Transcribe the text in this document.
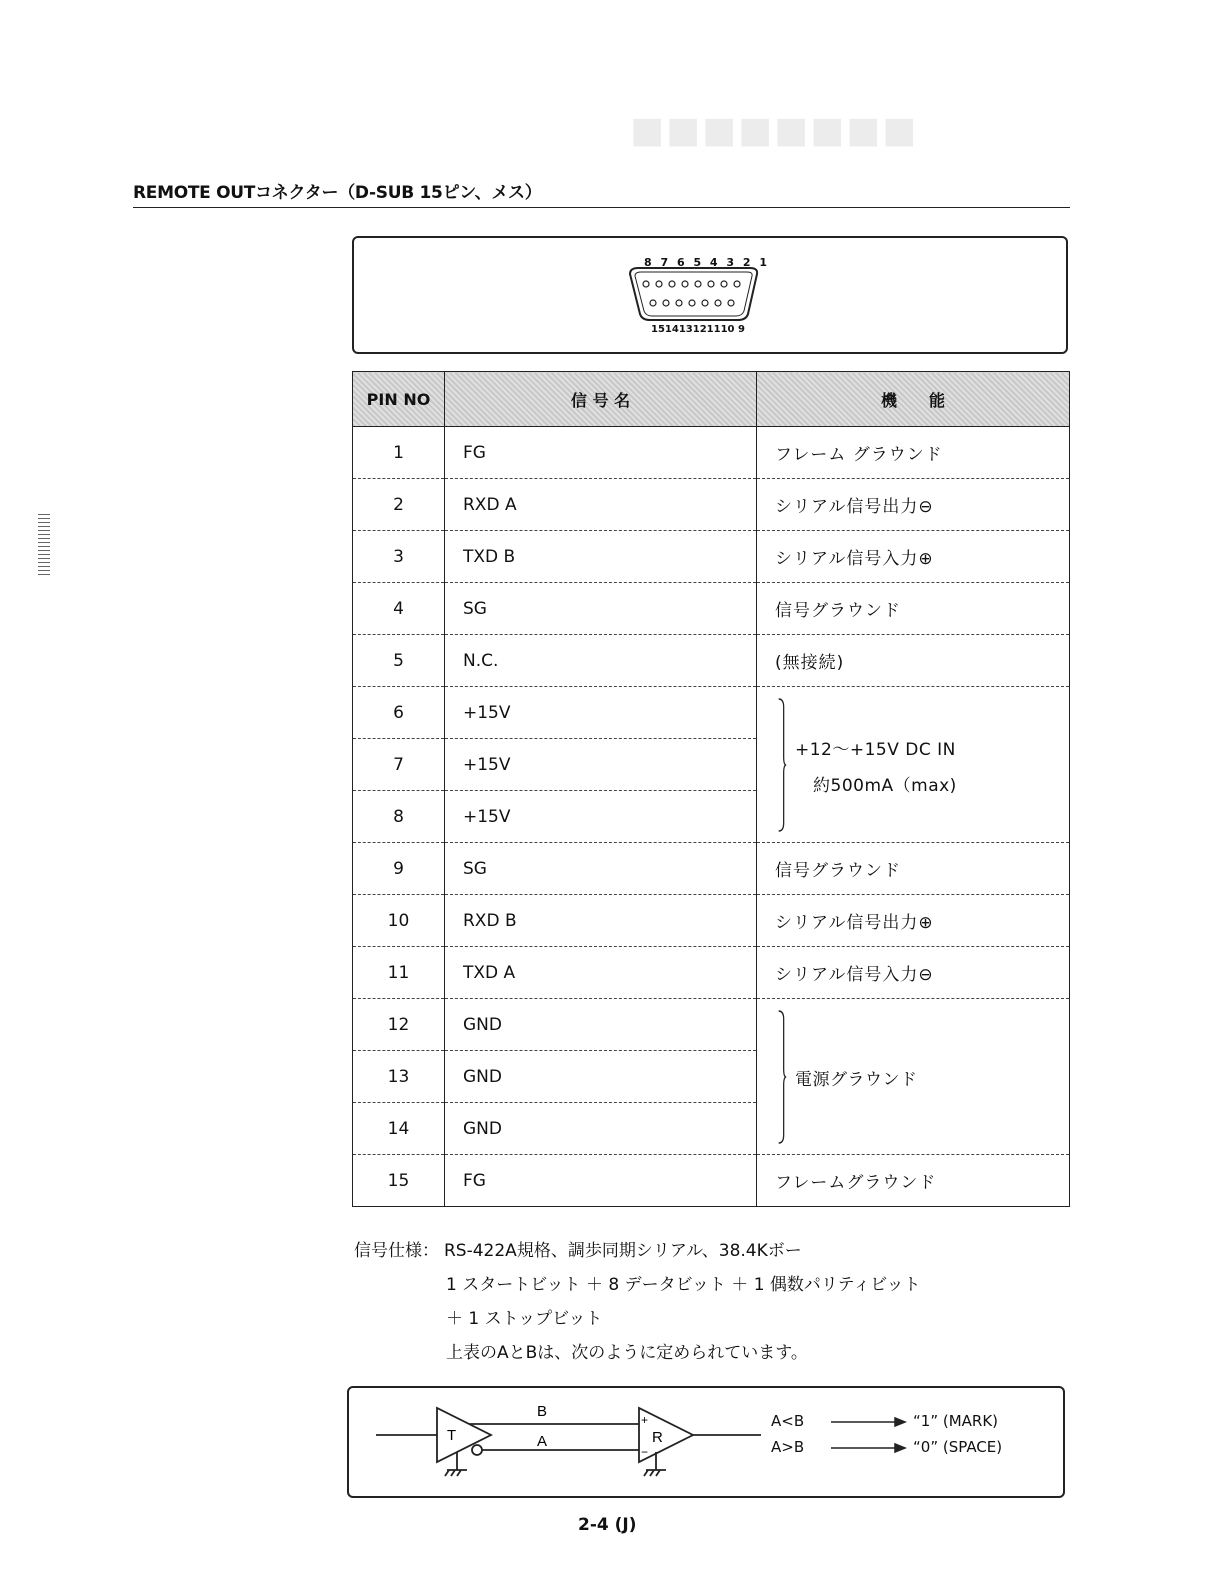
■■■■■■■■
REMOTE OUTコネクター（D-SUB 15ピン、メス）
8 7 6 5 4 3 2 1
151413121110 9
PIN NO	信 号 名	機　　能
1	FG	フレーム グラウンド
2	RXD A	シリアル信号出力⊖
3	TXD B	シリアル信号入力⊕
4	SG	信号グラウンド
5	N.C.	(無接続)
6	+15V	+12〜+15V DC IN
約500mA（max)

7	+15V	
8	+15V	
9	SG	信号グラウンド
10	RXD B	シリアル信号出力⊕
11	TXD A	シリアル信号入力⊖
12	GND	電源グラウンド

13	GND	
14	GND	
15	FG	フレームグラウンド
信号仕様： RS-422A規格、調歩同期シリアル、38.4Kボー
1 スタートビット ＋ 8 データビット ＋ 1 偶数パリティビット
＋ 1 ストップビット
上表のAとBは、次のように定められています。
T	R
B
A
+
−
A<B
A>B
“1” (MARK)
“0” (SPACE)
2-4 (J)
